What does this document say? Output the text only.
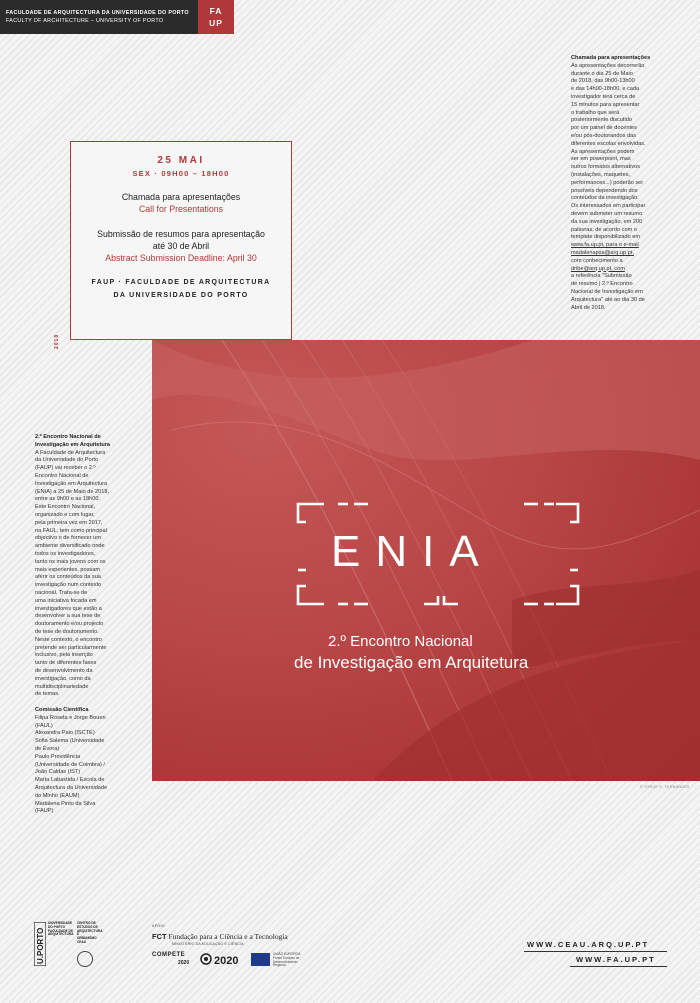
FACULDADE DE ARQUITECTURA DA UNIVERSIDADE DO PORTO
FACULTY OF ARCHITECTURE – UNIVERSITY OF PORTO
FA
UP
© JORGE S. FERNANDES
ENIA
2.º Encontro Nacional
de Investigação em Arquitetura
25 MAI
SEX · 09H00 – 18H00
Chamada para apresentações
Call for Presentations
Submissão de resumos para apresentação
até 30 de Abril
Abstract Submission Deadline: April 30
FAUP · FACULDADE DE ARQUITECTURA
DA UNIVERSIDADE DO PORTO
2018
Chamada para apresentações
As apresentações decorrerão
durante o dia 25 de Maio
de 2018, das 9h00-13h00
e das 14h00-18h00, e cada
investigador terá cerca de
15 minutos para apresentar
o trabalho que será
posteriormente discutido
por um painel de docentes
e/ou pós-doutorandos das
diferentes escolas envolvidas.
As apresentações podem
ser em powerpoint, mas
outros formatos alternativos
(instalações, maquetes,
performances...) poderão ser
possíveis dependendo dos
conteúdos da investigação.
Os interessados em participar
devem submeter um resumo
da sua investigação, em 200
palavras, de acordo com o
template disponibilizado em
www.fa.up.pt, para o e-mail
madalenapsa@arq.up.pt,
com conhecimento a
dribe@arq.up.pt, com
a referência "Submissão
de resumo | 2.º Encontro
Nacional de Investigação em
Arquitectura" até ao dia 30 de
Abril de 2018.
2.º Encontro Nacional de
Investigação em Arquitetura
A Faculdade de Arquitectura
da Universidade do Porto
(FAUP) vai receber o 2.º
Encontro Nacional de
Investigação em Arquitectura
(ENIA) a 25 de Maio de 2018,
entre as 9h00 e as 18h00.
Este Encontro Nacional,
organizado e com lugar,
pela primeira vez em 2017,
na FAUL, tem como principal
objectivo o de fornecer um
ambiente diversificado onde
todos os investigadores,
tanto os mais jovens com os
mais experientes, possam
aferir os conteúdos da sua
investigação num contexto
nacional. Trata-se de
uma iniciativa focada em
investigadores que estão a
desenvolver a sua tese de
doutoramento e/ou projecto
de tese de doutoramento.
Neste contexto, o encontro
pretende ser particularmente
inclusivo, pela inserção
tanto de diferentes fases
de desenvolvimento da
investigação, como da
multidisciplinariedade
de temas.
Comissão Científica
Filipa Roseta e Jorge Bouen
(FAUL)
Alexandra Paio (ISCTE)
Sofia Salema (Universidade
de Évora)
Paulo Providência
(Universidade de Coimbra) /
João Caldas (IST)
Marta Labastida / Escola de
Arquitectura da Universidade
do Minho (EAUM)
Madalena Pinto da Silva
(FAUP)
U.PORTO
UNIVERSIDADE DO PORTO FACULDADE DE ARQUITECTURA
CENTRO DE ESTUDOS DE ARQUITECTURA E URBANISMO CEAU
APOIO
FCT Fundação para a Ciência e a Tecnologia
MINISTÉRIO DA EDUCAÇÃO E CIÊNCIA
COMPETE
2020 2020
UNIÃO EUROPEIA Fundo Europeu de Desenvolvimento Regional
WWW.CEAU.ARQ.UP.PT
WWW.FA.UP.PT
